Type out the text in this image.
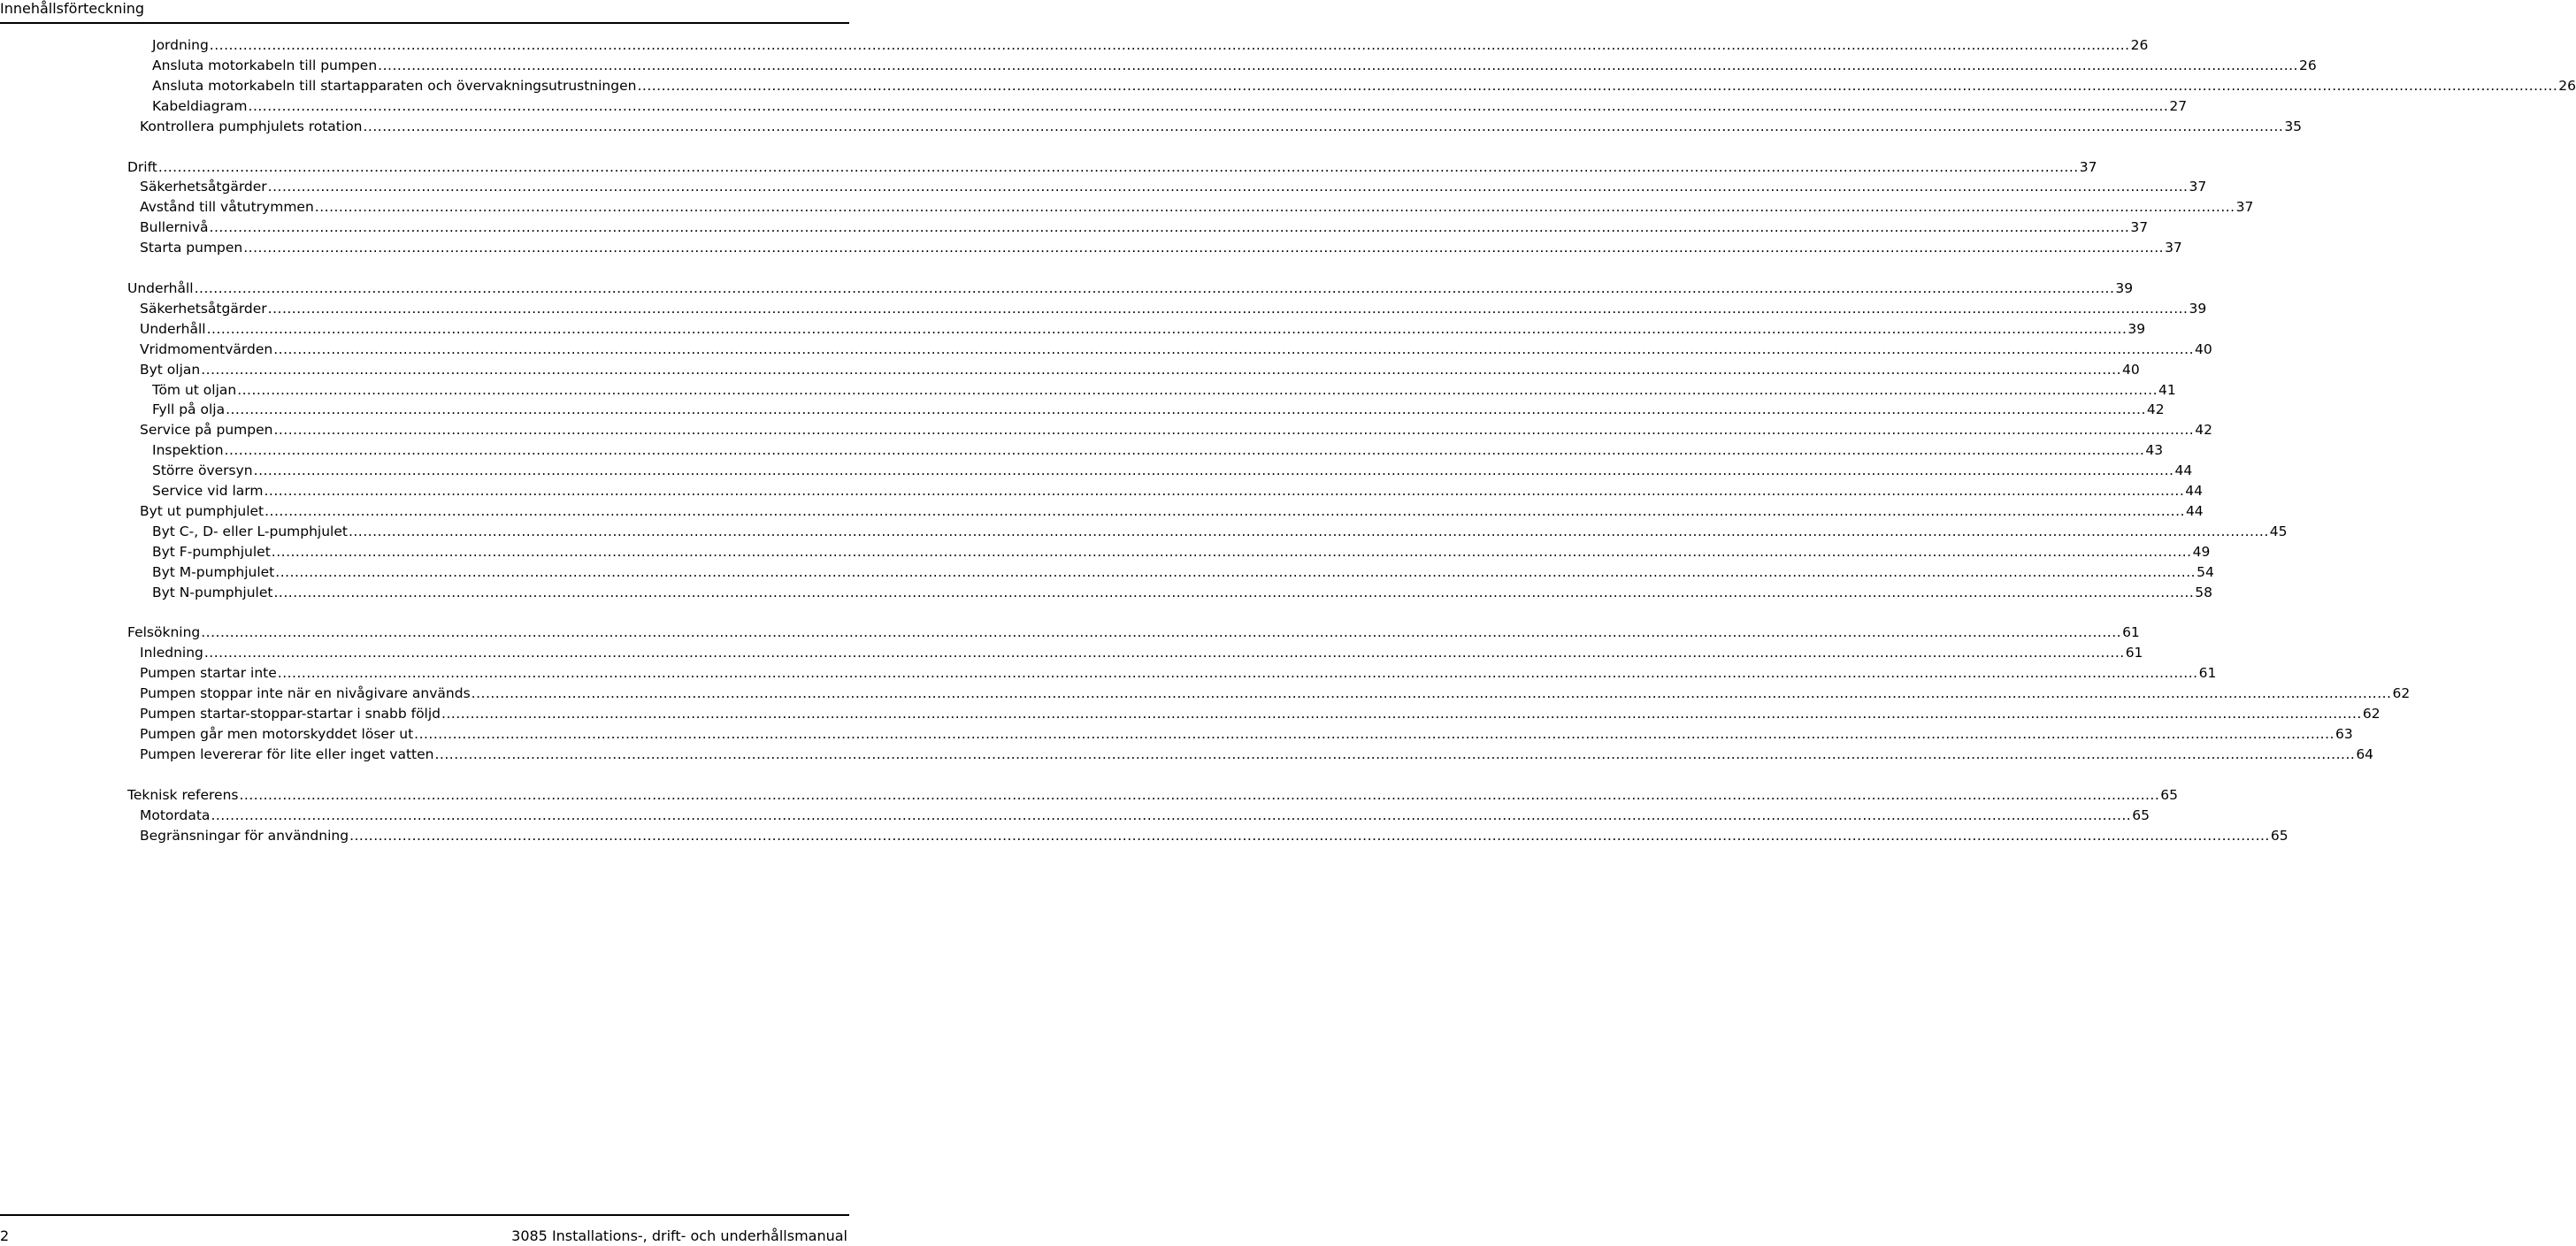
Innehållsförteckning
Jordning ................................................................................................................................................................................................................................................................................................................................................................................................................ 26
Ansluta motorkabeln till pumpen ................................................................................................................................................................................................................................................................................................................................................................................................................ 26
Ansluta motorkabeln till startapparaten och övervakningsutrustningen ................................................................................................................................................................................................................................................................................................................................................................................................................ 26
Kabeldiagram ................................................................................................................................................................................................................................................................................................................................................................................................................ 27
Kontrollera pumphjulets rotation ................................................................................................................................................................................................................................................................................................................................................................................................................ 35
Drift ................................................................................................................................................................................................................................................................................................................................................................................................................ 37
Säkerhetsåtgärder ................................................................................................................................................................................................................................................................................................................................................................................................................ 37
Avstånd till våtutrymmen ................................................................................................................................................................................................................................................................................................................................................................................................................ 37
Bullernivå ................................................................................................................................................................................................................................................................................................................................................................................................................ 37
Starta pumpen ................................................................................................................................................................................................................................................................................................................................................................................................................ 37
Underhåll ................................................................................................................................................................................................................................................................................................................................................................................................................ 39
Säkerhetsåtgärder ................................................................................................................................................................................................................................................................................................................................................................................................................ 39
Underhåll ................................................................................................................................................................................................................................................................................................................................................................................................................ 39
Vridmomentvärden ................................................................................................................................................................................................................................................................................................................................................................................................................ 40
Byt oljan ................................................................................................................................................................................................................................................................................................................................................................................................................ 40
Töm ut oljan ................................................................................................................................................................................................................................................................................................................................................................................................................ 41
Fyll på olja ................................................................................................................................................................................................................................................................................................................................................................................................................ 42
Service på pumpen ................................................................................................................................................................................................................................................................................................................................................................................................................ 42
Inspektion ................................................................................................................................................................................................................................................................................................................................................................................................................ 43
Större översyn ................................................................................................................................................................................................................................................................................................................................................................................................................ 44
Service vid larm ................................................................................................................................................................................................................................................................................................................................................................................................................ 44
Byt ut pumphjulet ................................................................................................................................................................................................................................................................................................................................................................................................................ 44
Byt C-, D- eller L-pumphjulet ................................................................................................................................................................................................................................................................................................................................................................................................................ 45
Byt F-pumphjulet ................................................................................................................................................................................................................................................................................................................................................................................................................ 49
Byt M-pumphjulet ................................................................................................................................................................................................................................................................................................................................................................................................................ 54
Byt N-pumphjulet ................................................................................................................................................................................................................................................................................................................................................................................................................ 58
Felsökning ................................................................................................................................................................................................................................................................................................................................................................................................................ 61
Inledning ................................................................................................................................................................................................................................................................................................................................................................................................................ 61
Pumpen startar inte ................................................................................................................................................................................................................................................................................................................................................................................................................ 61
Pumpen stoppar inte när en nivågivare används ................................................................................................................................................................................................................................................................................................................................................................................................................ 62
Pumpen startar-stoppar-startar i snabb följd ................................................................................................................................................................................................................................................................................................................................................................................................................ 62
Pumpen går men motorskyddet löser ut ................................................................................................................................................................................................................................................................................................................................................................................................................ 63
Pumpen levererar för lite eller inget vatten ................................................................................................................................................................................................................................................................................................................................................................................................................ 64
Teknisk referens ................................................................................................................................................................................................................................................................................................................................................................................................................ 65
Motordata ................................................................................................................................................................................................................................................................................................................................................................................................................ 65
Begränsningar för användning ................................................................................................................................................................................................................................................................................................................................................................................................................ 65
2	3085 Installations-, drift- och underhållsmanual
